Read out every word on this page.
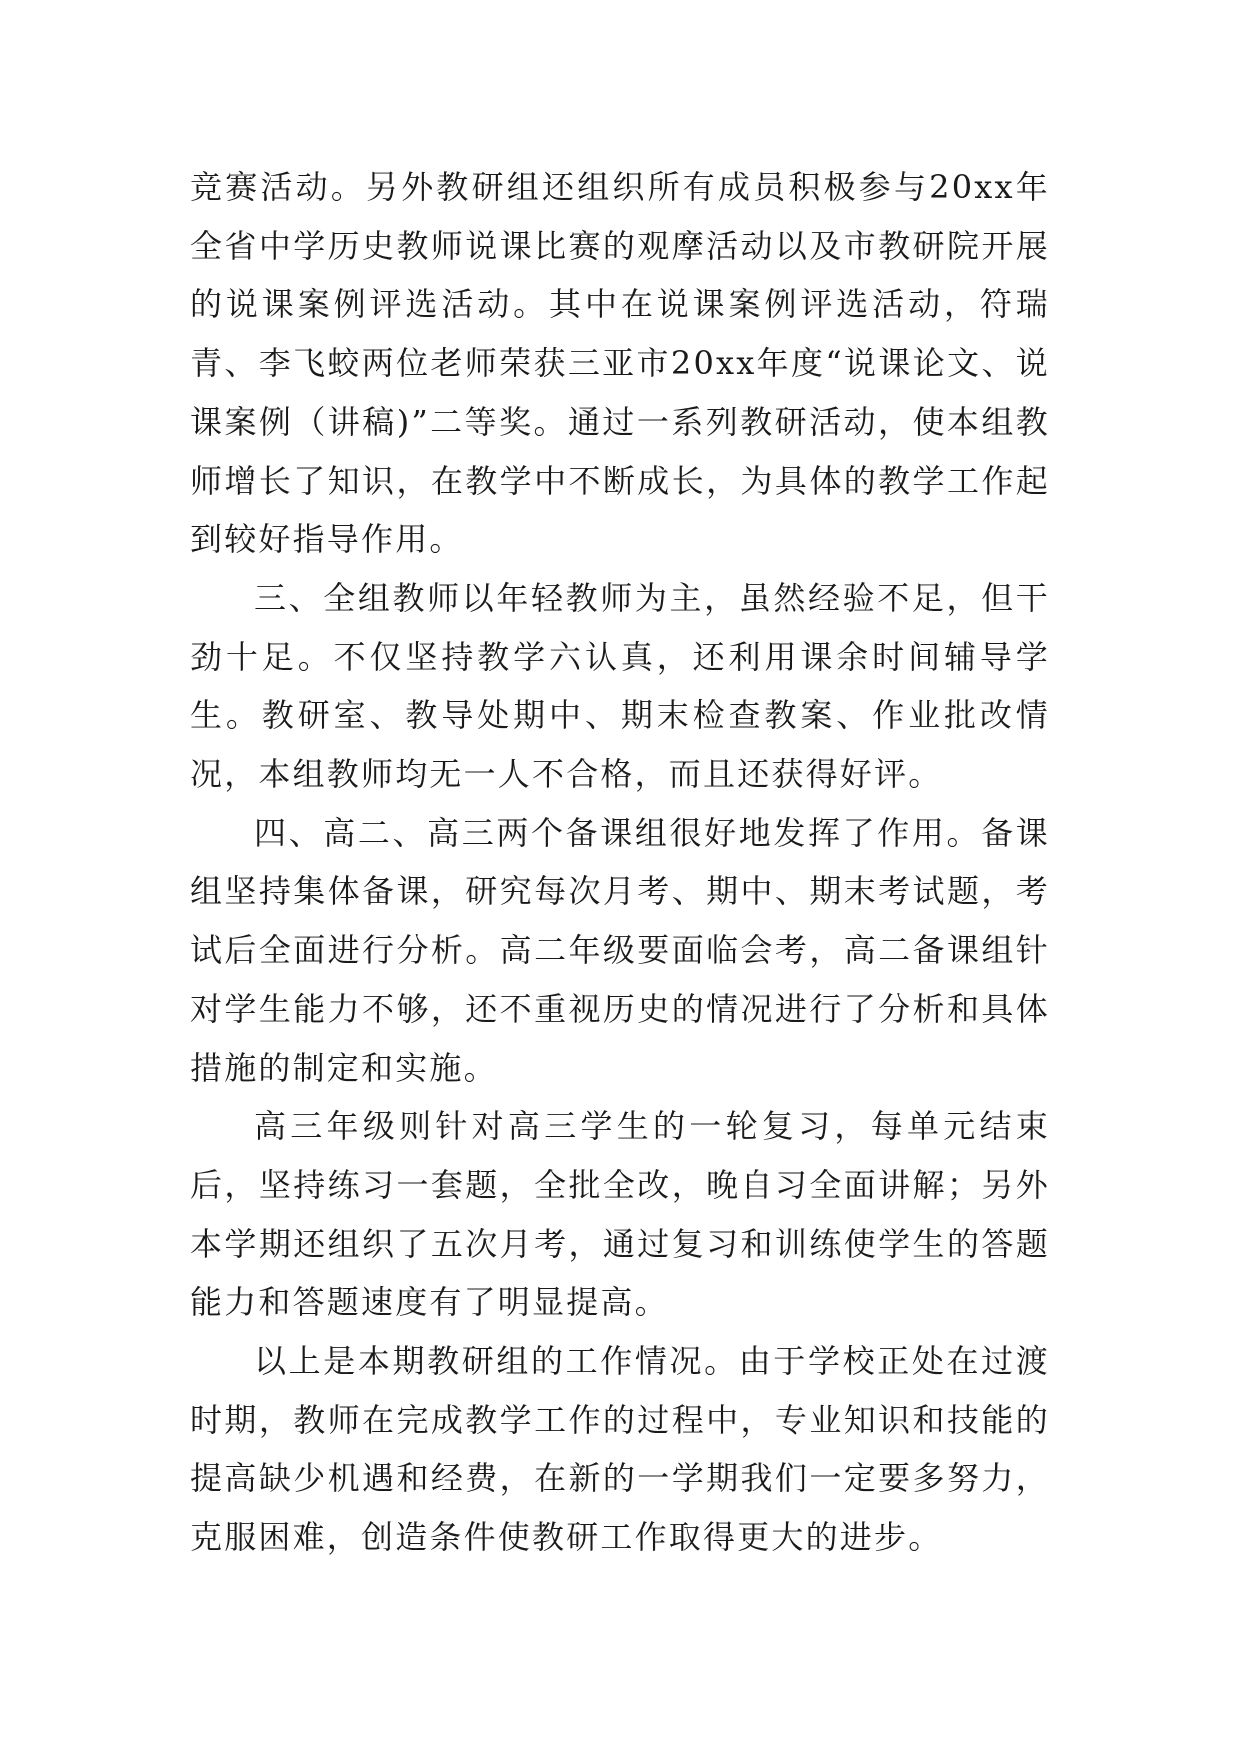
竞赛活动。另外教研组还组织所有成员积极参与20xx年全省中学历史教师说课比赛的观摩活动以及市教研院开展的说课案例评选活动。其中在说课案例评选活动，符瑞青、李飞蛟两位老师荣获三亚市20xx年度“说课论文、说课案例（讲稿)”二等奖。通过一系列教研活动，使本组教师增长了知识，在教学中不断成长，为具体的教学工作起到较好指导作用。

三、全组教师以年轻教师为主，虽然经验不足，但干劲十足。不仅坚持教学六认真，还利用课余时间辅导学生。教研室、教导处期中、期末检查教案、作业批改情况，本组教师均无一人不合格，而且还获得好评。

四、高二、高三两个备课组很好地发挥了作用。备课组坚持集体备课，研究每次月考、期中、期末考试题，考试后全面进行分析。高二年级要面临会考，高二备课组针对学生能力不够，还不重视历史的情况进行了分析和具体措施的制定和实施。

高三年级则针对高三学生的一轮复习，每单元结束后，坚持练习一套题，全批全改，晚自习全面讲解；另外本学期还组织了五次月考，通过复习和训练使学生的答题能力和答题速度有了明显提高。

以上是本期教研组的工作情况。由于学校正处在过渡时期，教师在完成教学工作的过程中，专业知识和技能的提高缺少机遇和经费，在新的一学期我们一定要多努力，克服困难，创造条件使教研工作取得更大的进步。
